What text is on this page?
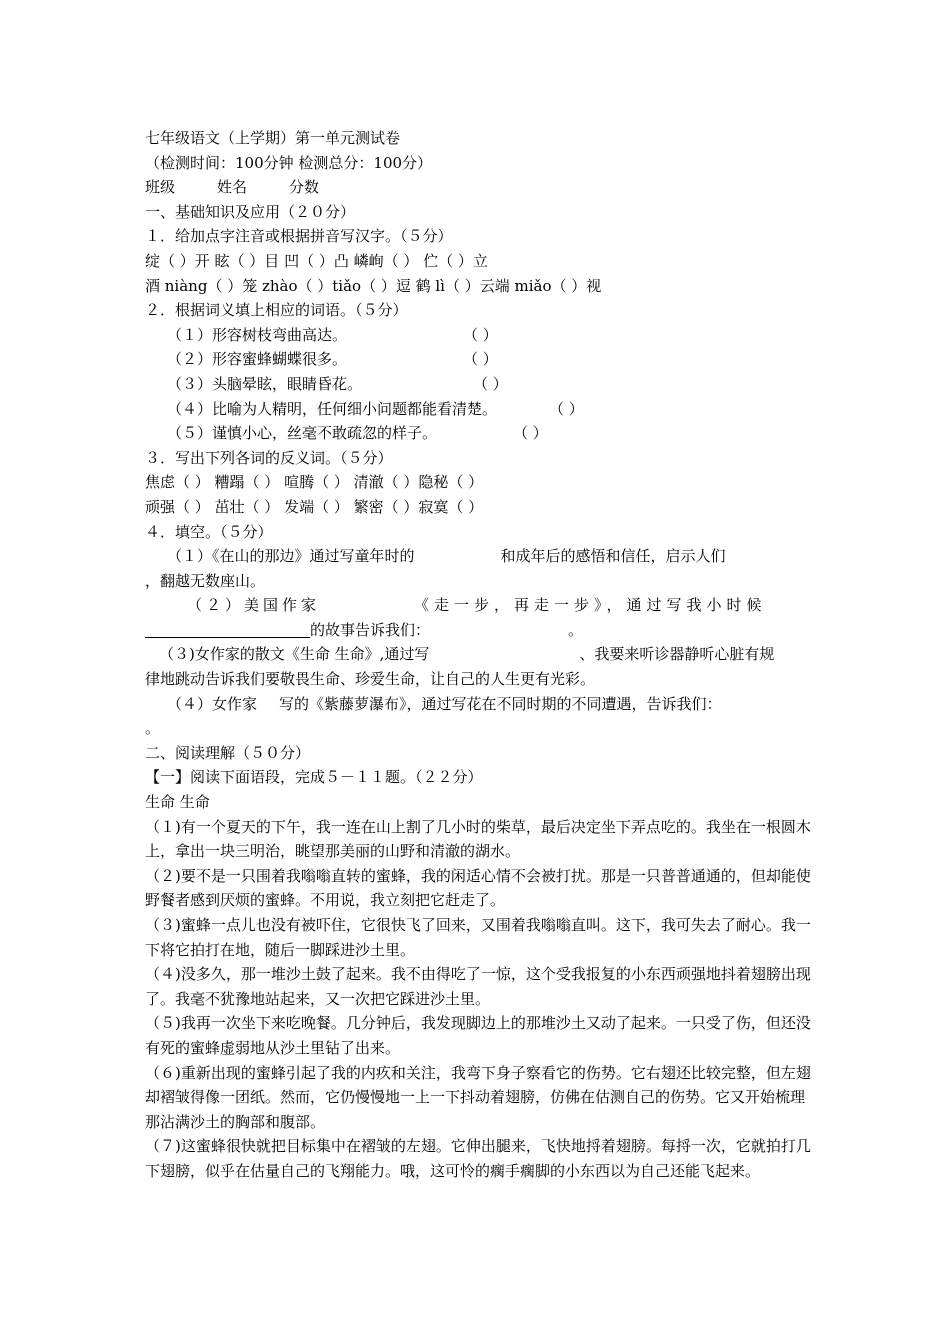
七年级语文（上学期）第一单元测试卷
（检测时间：100分钟 检测总分：100分）
班级	姓名	分数
一、基础知识及应用（２０分）
１．给加点字注音或根据拼音写汉字。（５分）
绽（ ）开 眩（ ）目 凹（ ）凸 嶙峋（ ） 伫（ ）立
酒 niàng（ ）笼 zhào（ ）tiǎo（ ）逗 鹤 lì（ ）云端 miǎo（ ）视
２．根据词义填上相应的词语。（５分）
（１）形容树枝弯曲高达。	（ ）
（２）形容蜜蜂蝴蝶很多。	（ ）
（３）头脑晕眩，眼睛昏花。	（ ）
（４）比喻为人精明，任何细小问题都能看清楚。	（ ）
（５）谨慎小心，丝毫不敢疏忽的样子。	（ ）
３．写出下列各词的反义词。（５分）
焦虑（ ） 糟蹋（ ） 喧腾（ ） 清澈（ ）隐秘（ ）
顽强（ ） 茁壮（ ） 发端（ ） 繁密（ ）寂寞（ ）
４．填空。（５分）
（１）《在山的那边》通过写童年时的	和成年后的感悟和信任，启示人们
，翻越无数座山。
（２）美国作家	《走一步，再走一步》，通过写我小时候
的故事告诉我们：	。
（３)女作家的散文《生命 生命》,通过写	、我要来听诊器静听心脏有规
律地跳动告诉我们要敬畏生命、珍爱生命，让自己的人生更有光彩。
（４）女作家 写的《紫藤萝瀑布》，通过写花在不同时期的不同遭遇，告诉我们：
。
二、阅读理解（５０分）
【一】阅读下面语段，完成５－１１题。（２２分）
生命 生命
（１)有一个夏天的下午，我一连在山上割了几小时的柴草，最后决定坐下弄点吃的。我坐在一根圆木上，拿出一块三明治，眺望那美丽的山野和清澈的湖水。
（２)要不是一只围着我嗡嗡直转的蜜蜂，我的闲适心情不会被打扰。那是一只普普通通的，但却能使野餐者感到厌烦的蜜蜂。不用说，我立刻把它赶走了。
（３)蜜蜂一点儿也没有被吓住，它很快飞了回来，又围着我嗡嗡直叫。这下，我可失去了耐心。我一下将它拍打在地，随后一脚踩进沙土里。
（４)没多久，那一堆沙土鼓了起来。我不由得吃了一惊，这个受我报复的小东西顽强地抖着翅膀出现了。我毫不犹豫地站起来，又一次把它踩进沙土里。
（５)我再一次坐下来吃晚餐。几分钟后，我发现脚边上的那堆沙土又动了起来。一只受了伤，但还没有死的蜜蜂虚弱地从沙土里钻了出来。
（６)重新出现的蜜蜂引起了我的内疚和关注，我弯下身子察看它的伤势。它右翅还比较完整，但左翅却褶皱得像一团纸。然而，它仍慢慢地一上一下抖动着翅膀，仿佛在估测自己的伤势。它又开始梳理那沾满沙土的胸部和腹部。
（７)这蜜蜂很快就把目标集中在褶皱的左翅。它伸出腿来，飞快地捋着翅膀。每捋一次，它就拍打几下翅膀，似乎在估量自己的飞翔能力。哦，这可怜的瘸手瘸脚的小东西以为自己还能飞起来。
